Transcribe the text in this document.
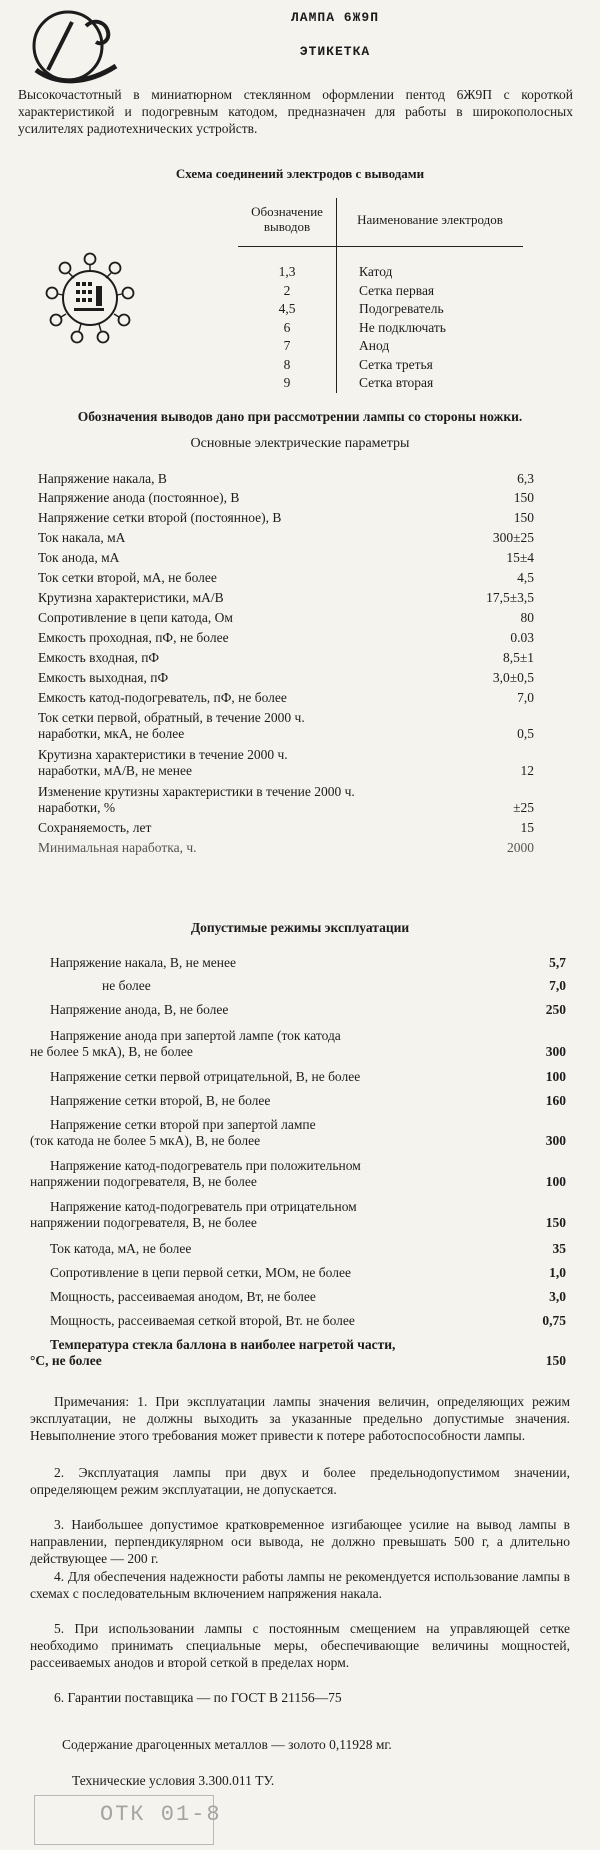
ЛАМПА 6Ж9П
ЭТИКЕТКА
Высокочастотный в миниатюрном стеклянном оформлении пентод 6Ж9П с короткой характеристикой и подогревным катодом, предназначен для работы в широкополосных усилителях радиотехнических устройств.
Схема соединений электродов с выводами
Обозначение выводов	Наименование электродов
1,3	Катод
2	Сетка первая
4,5	Подогреватель
6	Не подключать
7	Анод
8	Сетка третья
9	Сетка вторая
Обозначения выводов дано при рассмотрении лампы со стороны ножки.
Основные электрические параметры
Напряжение накала, В	6,3
Напряжение анода (постоянное), В	150
Напряжение сетки второй (постоянное), В	150
Ток накала, мА	300±25
Ток анода, мА	15±4
Ток сетки второй, мА, не более	4,5
Крутизна характеристики, мА/В	17,5±3,5
Сопротивление в цепи катода, Ом	80
Емкость проходная, пФ, не более	0.03
Емкость входная, пФ	8,5±1
Емкость выходная, пФ	3,0±0,5
Емкость катод-подогреватель, пФ, не более	7,0
Ток сетки первой, обратный, в течение 2000 ч.
наработки, мкА, не более	0,5
Крутизна характеристики в течение 2000 ч.
наработки, мА/В, не менее	12
Изменение крутизны характеристики в течение 2000 ч.
наработки, %	±25
Сохраняемость, лет	15
Минимальная наработка, ч.	2000
Допустимые режимы эксплуатации
Напряжение накала, В, не менее	5,7
не более	7,0
Напряжение анода, В, не более	250
Напряжение анода при запертой лампе (ток катода
не более 5 мкА), В, не более	300
Напряжение сетки первой отрицательной, В, не более	100
Напряжение сетки второй, В, не более	160
Напряжение сетки второй при запертой лампе
(ток катода не более 5 мкА), В, не более	300
Напряжение катод-подогреватель при положительном
напряжении подогревателя, В, не более	100
Напряжение катод-подогреватель при отрицательном
напряжении подогревателя, В, не более	150
Ток катода, мА, не более	35
Сопротивление в цепи первой сетки, МОм, не более	1,0
Мощность, рассеиваемая анодом, Вт, не более	3,0
Мощность, рассеиваемая сеткой второй, Вт. не более	0,75
Температура стекла баллона в наиболее нагретой части,
°С, не более	150
Примечания: 1. При эксплуатации лампы значения величин, определяющих режим эксплуатации, не должны выходить за указанные предельно допустимые значения. Невыполнение этого требования может привести к потере работоспособности лампы.
2. Эксплуатация лампы при двух и более предельнодопустимом значении, определяющем режим эксплуатации, не допускается.
3. Наибольшее допустимое кратковременное изгибающее усилие на вывод лампы в направлении, перпендикулярном оси вывода, не должно превышать 500 г, а длительно действующее — 200 г.
4. Для обеспечения надежности работы лампы не рекомендуется использование лампы в схемах с последовательным включением напряжения накала.
5. При использовании лампы с постоянным смещением на управляющей сетке необходимо принимать специальные меры, обеспечивающие величины мощностей, рассеиваемых анодов и второй сеткой в пределах норм.
6. Гарантии поставщика — по ГОСТ В 21156—75
Содержание драгоценных металлов — золото 0,11928 мг.
Технические условия 3.300.011 ТУ.
ОТК 01-8
